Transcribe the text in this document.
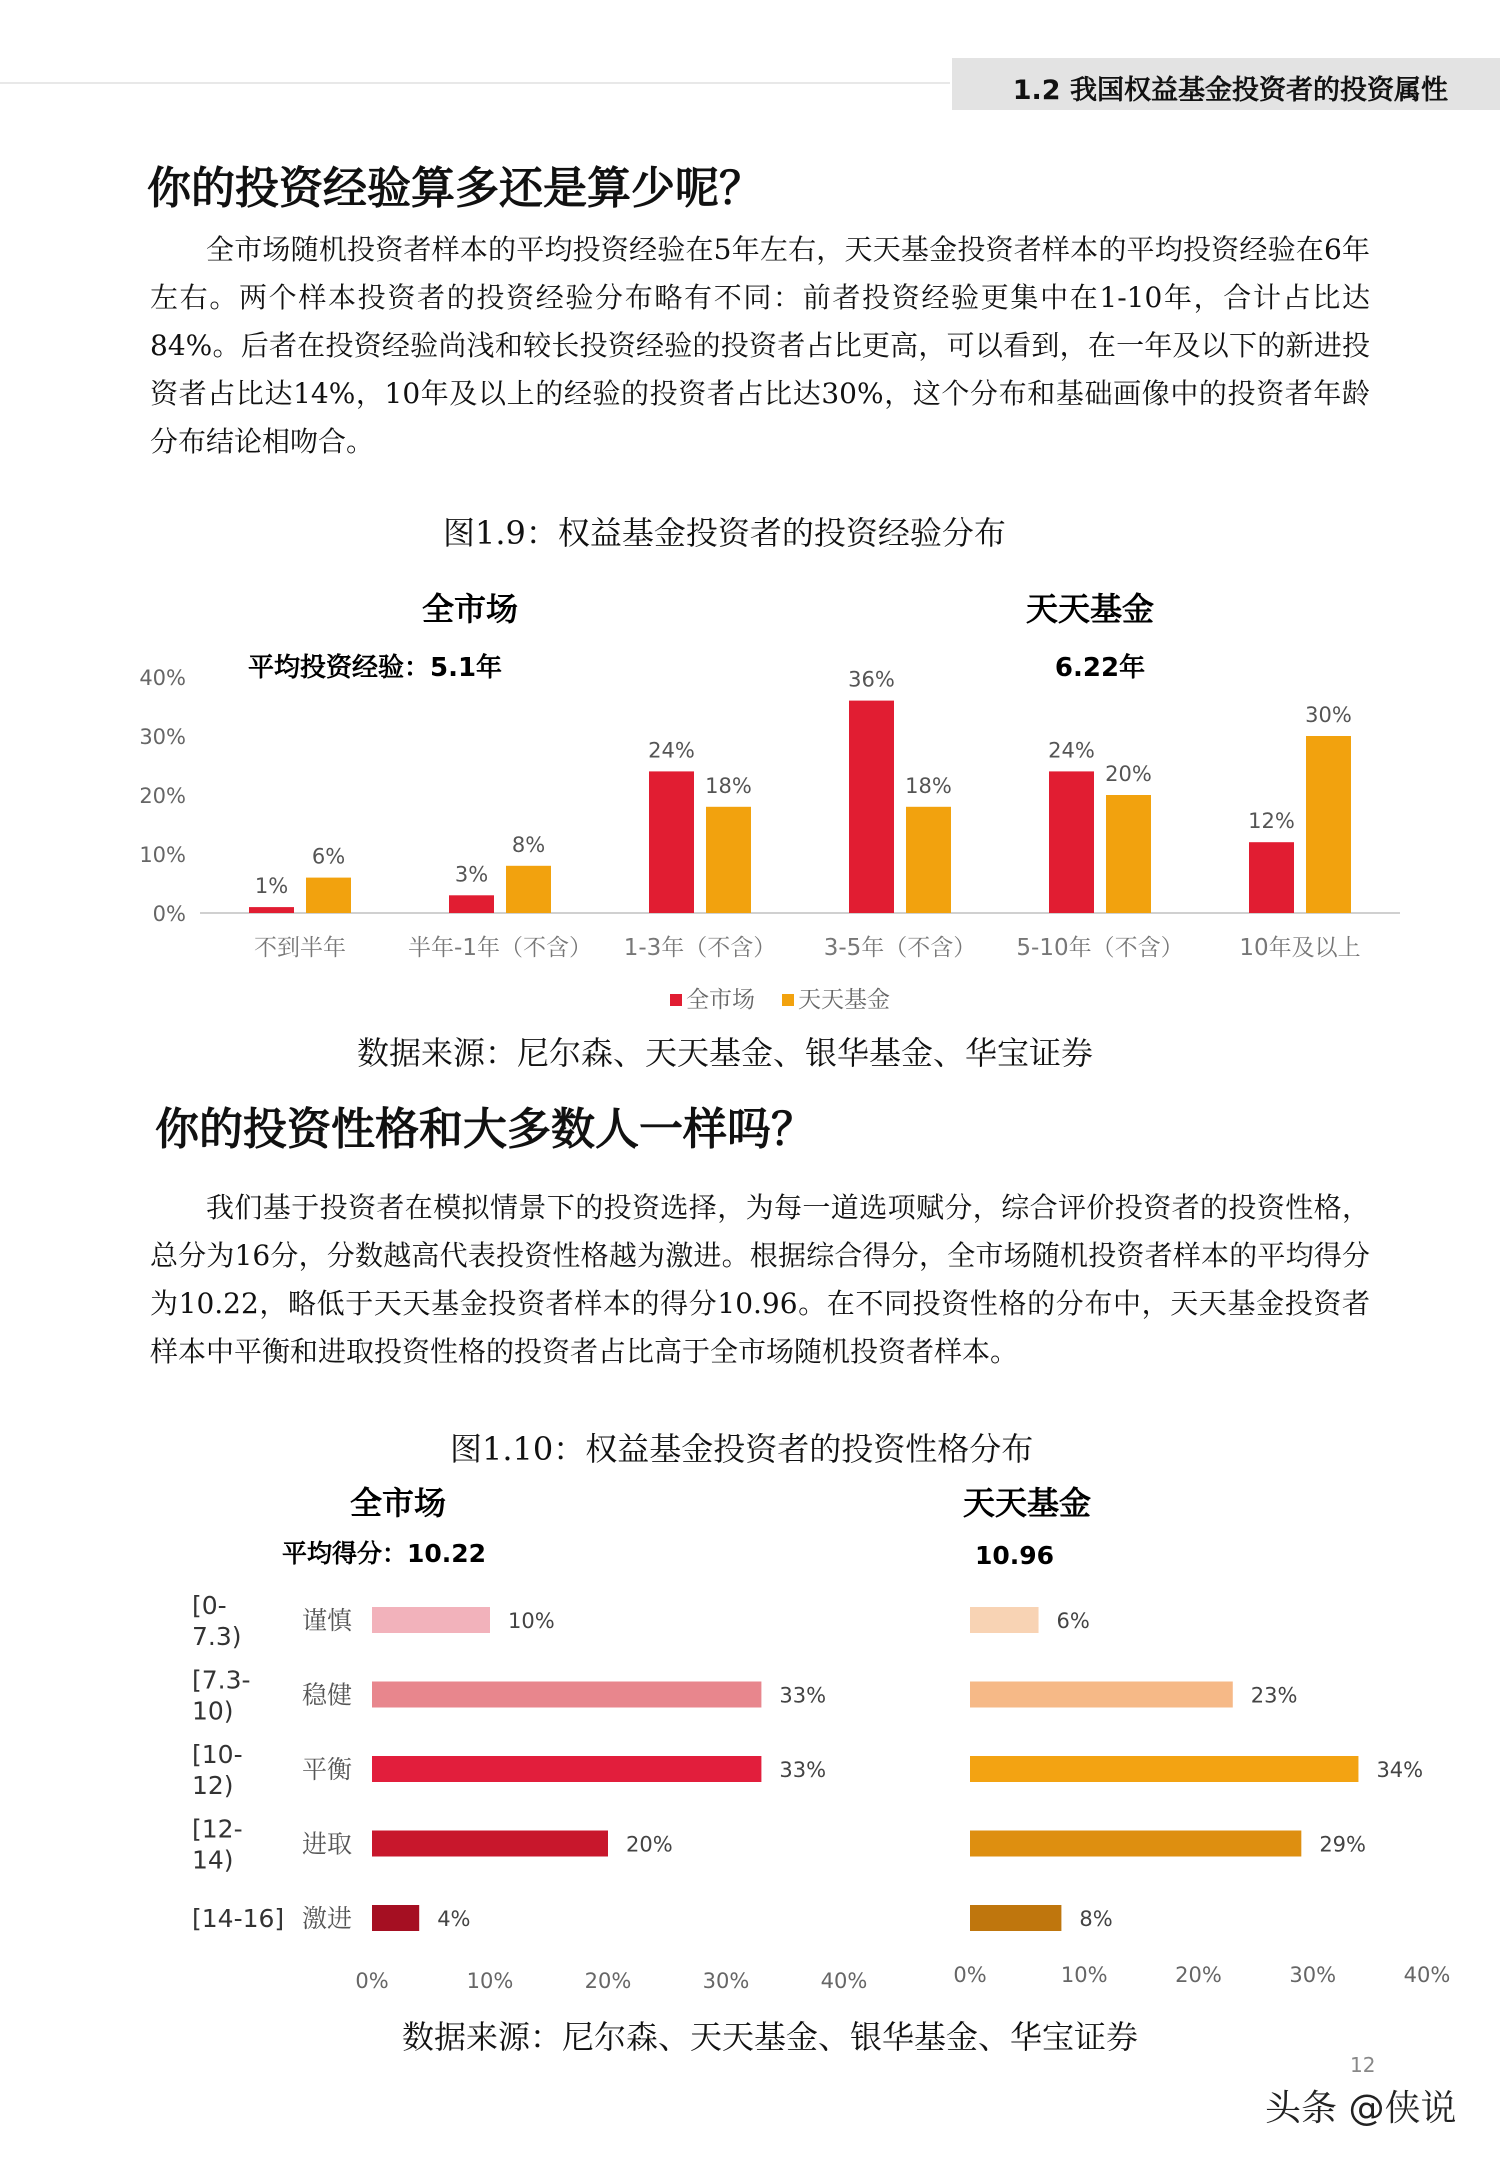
1.2 我国权益基金投资者的投资属性
你的投资经验算多还是算少呢？
全市场随机投资者样本的平均投资经验在5年左右，天天基金投资者样本的平均投资经验在6年左右。两个样本投资者的投资经验分布略有不同：前者投资经验更集中在1-10年，合计占比达84%。后者在投资经验尚浅和较长投资经验的投资者占比更高，可以看到，在一年及以下的新进投资者占比达14%，10年及以上的经验的投资者占比达30%，这个分布和基础画像中的投资者年龄分布结论相吻合。
图1.9：权益基金投资者的投资经验分布
全市场	天天基金
平均投资经验：5.1年	6.22年
0%
10%
20%
30%
40%
不到半年	半年-1年（不含） 1-3年（不含） 3-5年（不含） 5-10年（不含） 10年及以上
1%
6%
3%
8%
24%
18%
36%
18%
24%
20%
12%
30%
全市场 天天基金
数据来源：尼尔森、天天基金、银华基金、华宝证券
你的投资性格和大多数人一样吗？
我们基于投资者在模拟情景下的投资选择，为每一道选项赋分，综合评价投资者的投资性格，总分为16分，分数越高代表投资性格越为激进。根据综合得分，全市场随机投资者样本的平均得分为10.22，略低于天天基金投资者样本的得分10.96。在不同投资性格的分布中，天天基金投资者样本中平衡和进取投资性格的投资者占比高于全市场随机投资者样本。
图1.10：权益基金投资者的投资性格分布
全市场	天天基金
平均得分：10.22	10.96
[0-7.3)
谨慎
[7.3-10)
稳健
[10-12)
平衡
[12-14)
进取
[14-16] 激进
10%
33%
33%
20%
4%
6%
23%
34%
29%
8%
0%	10%	20%	30%	40%	0%	10%	20%	30%	40%
数据来源：尼尔森、天天基金、银华基金、华宝证券
12
头条 @侠说
